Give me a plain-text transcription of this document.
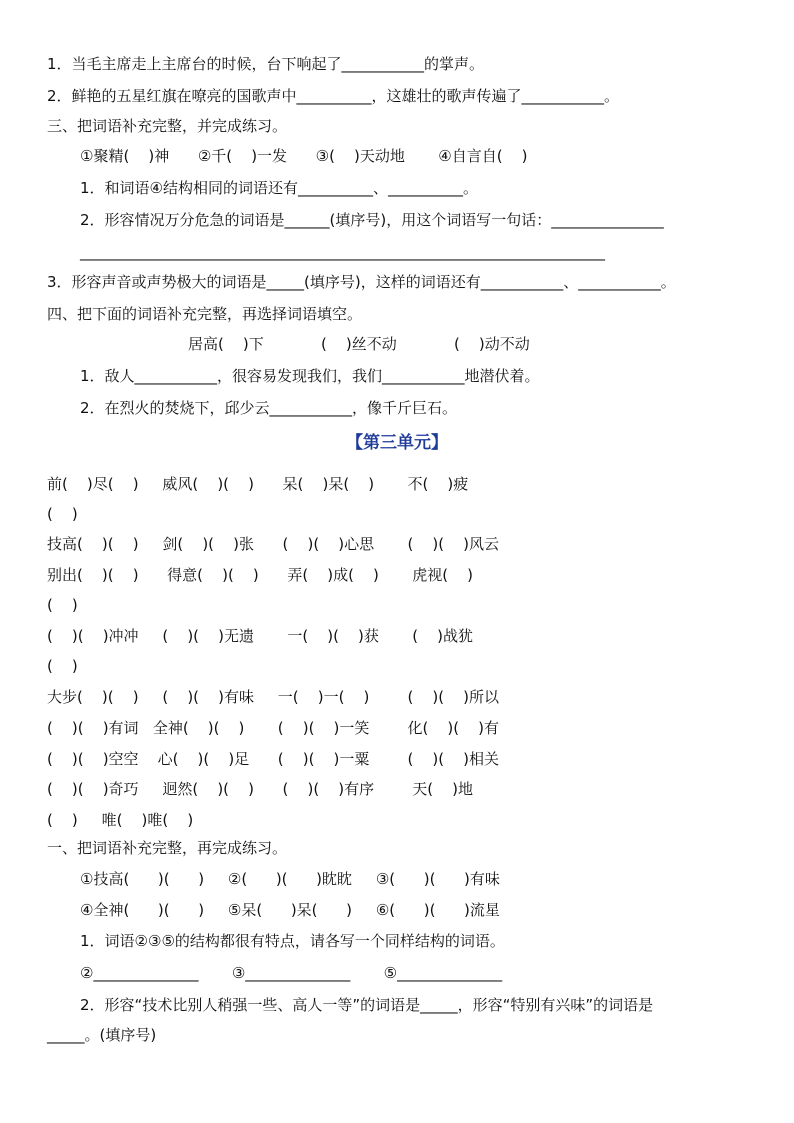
1．当毛主席走上主席台的时候，台下响起了___________的掌声。
2．鲜艳的五星红旗在嘹亮的国歌声中__________，这雄壮的歌声传遍了___________。
三、把词语补充完整，并完成练习。
①聚精(    )神      ②千(    )一发      ③(    )天动地       ④自言自(    )
1．和词语④结构相同的词语还有__________、__________。
2．形容情况万分危急的词语是______(填序号)，用这个词语写一句话：_______________
______________________________________________________________________
3．形容声音或声势极大的词语是_____(填序号)，这样的词语还有___________、___________。
四、把下面的词语补充完整，再选择词语填空。
居高(    )下            (    )丝不动            (    )动不动
1．敌人___________，很容易发现我们，我们___________地潜伏着。
2．在烈火的焚烧下，邱少云___________，像千斤巨石。
【第三单元】
前(    )尽(    )     威风(    )(    )      呆(    )呆(    )       不(    )疲
(    )
技高(    )(    )     剑(    )(    )张      (    )(    )心思       (    )(    )风云
别出(    )(    )      得意(    )(    )      弄(    )成(    )       虎视(    )
(    )
(    )(    )冲冲     (    )(    )无遗       一(    )(    )获       (    )战犹
(    )
大步(    )(    )     (    )(    )有味     一(    )一(    )        (    )(    )所以
(    )(    )有词   全神(    )(    )       (    )(    )一笑        化(    )(    )有
(    )(    )空空    心(    )(    )足      (    )(    )一粟        (    )(    )相关
(    )(    )奇巧     迥然(    )(    )      (    )(    )有序        天(    )地
(    )     唯(    )唯(    )
一、把词语补充完整，再完成练习。
①技高(      )(      )     ②(      )(      )眈眈     ③(      )(      )有味
④全神(      )(      )     ⑤呆(      )呆(      )     ⑥(      )(      )流星
1．词语②③⑤的结构都很有特点，请各写一个同样结构的词语。
②______________       ③______________       ⑤______________
2．形容“技术比别人稍强一些、高人一等”的词语是_____，形容“特别有兴味”的词语是
_____。(填序号)
